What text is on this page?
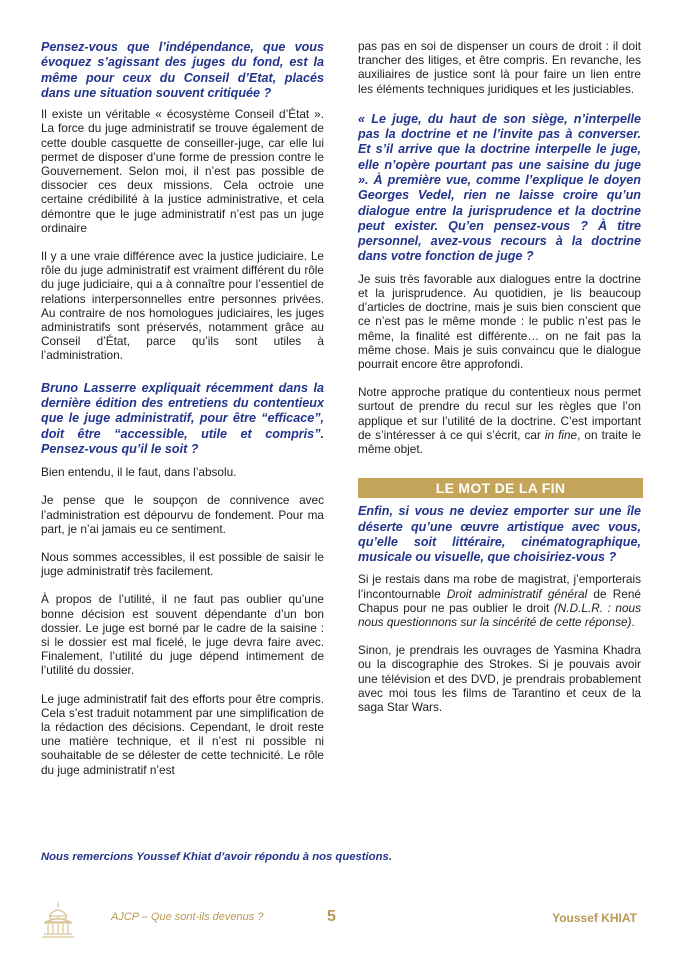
Pensez-vous que l’indépendance, que vous évoquez s’agissant des juges du fond, est la même pour ceux du Conseil d’Etat, placés dans une situation souvent critiquée ?

Il existe un véritable « écosystème Conseil d’État ». La force du juge administratif se trouve également de cette double casquette de conseiller-juge, car elle lui permet de disposer d’une forme de pression contre le Gouvernement. Selon moi, il n’est pas possible de dissocier ces deux missions. Cela octroie une certaine crédibilité à la justice administrative, et cela démontre que le juge administratif n’est pas un juge ordinaire

Il y a une vraie différence avec la justice judiciaire. Le rôle du juge administratif est vraiment différent du rôle du juge judiciaire, qui a à connaître pour l’essentiel de relations interpersonnelles entre personnes privées. Au contraire de nos homologues judiciaires, les juges administratifs sont préservés, notamment grâce au Conseil d’État, parce qu’ils sont utiles à l’administration.

Bruno Lasserre expliquait récemment dans la dernière édition des entretiens du contentieux que le juge administratif, pour être “efficace”, doit être “accessible, utile et compris”. Pensez-vous qu’il le soit ?

Bien entendu, il le faut, dans l’absolu.

Je pense que le soupçon de connivence avec l’administration est dépourvu de fondement. Pour ma part, je n’ai jamais eu ce sentiment.

Nous sommes accessibles, il est possible de saisir le juge administratif très facilement.

À propos de l’utilité, il ne faut pas oublier qu’une bonne décision est souvent dépendante d’un bon dossier. Le juge est borné par le cadre de la saisine : si le dossier est mal ficelé, le juge devra faire avec. Finalement, l’utilité du juge dépend intimement de l’utilité du dossier.

Le juge administratif fait des efforts pour être compris. Cela s’est traduit notamment par une simplification de la rédaction des décisions. Cependant, le droit reste une matière technique, et il n’est ni possible ni souhaitable de se délester de cette technicité. Le rôle du juge administratif n’est

pas pas en soi de dispenser un cours de droit : il doit trancher des litiges, et être compris. En revanche, les auxiliaires de justice sont là pour faire un lien entre les éléments techniques juridiques et les justiciables.

« Le juge, du haut de son siège, n’interpelle pas la doctrine et ne l’invite pas à converser. Et s’il arrive que la doctrine interpelle le juge, elle n’opère pourtant pas une saisine du juge ». À première vue, comme l’explique le doyen Georges Vedel, rien ne laisse croire qu’un dialogue entre la jurisprudence et la doctrine peut exister. Qu’en pensez-vous ? À titre personnel, avez-vous recours à la doctrine dans votre fonction de juge ?

Je suis très favorable aux dialogues entre la doctrine et la jurisprudence. Au quotidien, je lis beaucoup d’articles de doctrine, mais je suis bien conscient que ce n’est pas le même monde : le public n’est pas le même, la finalité est différente… on ne fait pas la même chose. Mais je suis convaincu que le dialogue pourrait encore être approfondi.

Notre approche pratique du contentieux nous permet surtout de prendre du recul sur les règles que l’on applique et sur l’utilité de la doctrine. C’est important de s’intéresser à ce qui s’écrit, car in fine, on traite le même objet.

LE MOT DE LA FIN

Enfin, si vous ne deviez emporter sur une île déserte qu’une œuvre artistique avec vous, qu’elle soit littéraire, cinématographique, musicale ou visuelle, que choisiriez-vous ?

Si je restais dans ma robe de magistrat, j’emporterais l’incontournable Droit administratif général de René Chapus pour ne pas oublier le droit (N.D.L.R. : nous nous questionnons sur la sincérité de cette réponse).

Sinon, je prendrais les ouvrages de Yasmina Khadra ou la discographie des Strokes. Si je pouvais avoir une télévision et des DVD, je prendrais probablement avec moi tous les films de Tarantino et ceux de la saga Star Wars.

Nous remercions Youssef Khiat d’avoir répondu à nos questions.
AJCP – Que sont-ils devenus ?	5	Youssef KHIAT
